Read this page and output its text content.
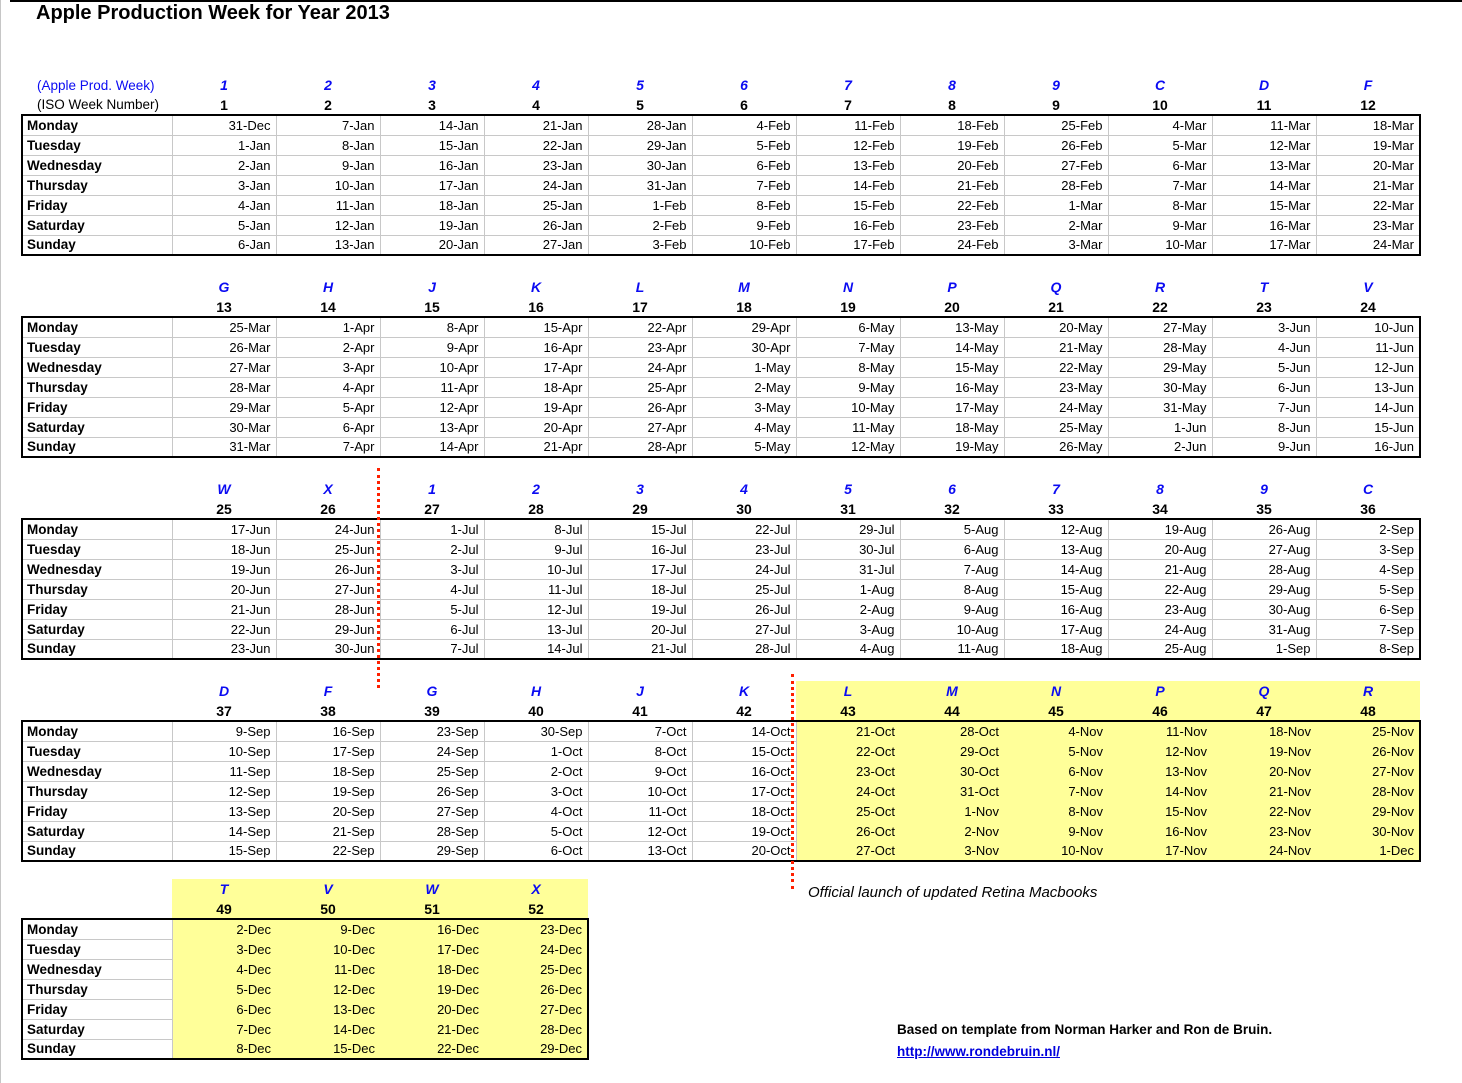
Apple Production Week for Year 2013
(Apple Prod. Week)	1	2	3	4	5	6	7	8	9	C	D	F
(ISO Week Number)	1	2	3	4	5	6	7	8	9	10	11	12
Monday	31-Dec	7-Jan	14-Jan	21-Jan	28-Jan	4-Feb	11-Feb	18-Feb	25-Feb	4-Mar	11-Mar	18-Mar
Tuesday	1-Jan	8-Jan	15-Jan	22-Jan	29-Jan	5-Feb	12-Feb	19-Feb	26-Feb	5-Mar	12-Mar	19-Mar
Wednesday	2-Jan	9-Jan	16-Jan	23-Jan	30-Jan	6-Feb	13-Feb	20-Feb	27-Feb	6-Mar	13-Mar	20-Mar
Thursday	3-Jan	10-Jan	17-Jan	24-Jan	31-Jan	7-Feb	14-Feb	21-Feb	28-Feb	7-Mar	14-Mar	21-Mar
Friday	4-Jan	11-Jan	18-Jan	25-Jan	1-Feb	8-Feb	15-Feb	22-Feb	1-Mar	8-Mar	15-Mar	22-Mar
Saturday	5-Jan	12-Jan	19-Jan	26-Jan	2-Feb	9-Feb	16-Feb	23-Feb	2-Mar	9-Mar	16-Mar	23-Mar
Sunday	6-Jan	13-Jan	20-Jan	27-Jan	3-Feb	10-Feb	17-Feb	24-Feb	3-Mar	10-Mar	17-Mar	24-Mar
	G	H	J	K	L	M	N	P	Q	R	T	V
	13	14	15	16	17	18	19	20	21	22	23	24
Monday	25-Mar	1-Apr	8-Apr	15-Apr	22-Apr	29-Apr	6-May	13-May	20-May	27-May	3-Jun	10-Jun
Tuesday	26-Mar	2-Apr	9-Apr	16-Apr	23-Apr	30-Apr	7-May	14-May	21-May	28-May	4-Jun	11-Jun
Wednesday	27-Mar	3-Apr	10-Apr	17-Apr	24-Apr	1-May	8-May	15-May	22-May	29-May	5-Jun	12-Jun
Thursday	28-Mar	4-Apr	11-Apr	18-Apr	25-Apr	2-May	9-May	16-May	23-May	30-May	6-Jun	13-Jun
Friday	29-Mar	5-Apr	12-Apr	19-Apr	26-Apr	3-May	10-May	17-May	24-May	31-May	7-Jun	14-Jun
Saturday	30-Mar	6-Apr	13-Apr	20-Apr	27-Apr	4-May	11-May	18-May	25-May	1-Jun	8-Jun	15-Jun
Sunday	31-Mar	7-Apr	14-Apr	21-Apr	28-Apr	5-May	12-May	19-May	26-May	2-Jun	9-Jun	16-Jun
	W	X	1	2	3	4	5	6	7	8	9	C
	25	26	27	28	29	30	31	32	33	34	35	36
Monday	17-Jun	24-Jun	1-Jul	8-Jul	15-Jul	22-Jul	29-Jul	5-Aug	12-Aug	19-Aug	26-Aug	2-Sep
Tuesday	18-Jun	25-Jun	2-Jul	9-Jul	16-Jul	23-Jul	30-Jul	6-Aug	13-Aug	20-Aug	27-Aug	3-Sep
Wednesday	19-Jun	26-Jun	3-Jul	10-Jul	17-Jul	24-Jul	31-Jul	7-Aug	14-Aug	21-Aug	28-Aug	4-Sep
Thursday	20-Jun	27-Jun	4-Jul	11-Jul	18-Jul	25-Jul	1-Aug	8-Aug	15-Aug	22-Aug	29-Aug	5-Sep
Friday	21-Jun	28-Jun	5-Jul	12-Jul	19-Jul	26-Jul	2-Aug	9-Aug	16-Aug	23-Aug	30-Aug	6-Sep
Saturday	22-Jun	29-Jun	6-Jul	13-Jul	20-Jul	27-Jul	3-Aug	10-Aug	17-Aug	24-Aug	31-Aug	7-Sep
Sunday	23-Jun	30-Jun	7-Jul	14-Jul	21-Jul	28-Jul	4-Aug	11-Aug	18-Aug	25-Aug	1-Sep	8-Sep
	D	F	G	H	J	K	L	M	N	P	Q	R
	37	38	39	40	41	42	43	44	45	46	47	48
Monday	9-Sep	16-Sep	23-Sep	30-Sep	7-Oct	14-Oct	21-Oct	28-Oct	4-Nov	11-Nov	18-Nov	25-Nov
Tuesday	10-Sep	17-Sep	24-Sep	1-Oct	8-Oct	15-Oct	22-Oct	29-Oct	5-Nov	12-Nov	19-Nov	26-Nov
Wednesday	11-Sep	18-Sep	25-Sep	2-Oct	9-Oct	16-Oct	23-Oct	30-Oct	6-Nov	13-Nov	20-Nov	27-Nov
Thursday	12-Sep	19-Sep	26-Sep	3-Oct	10-Oct	17-Oct	24-Oct	31-Oct	7-Nov	14-Nov	21-Nov	28-Nov
Friday	13-Sep	20-Sep	27-Sep	4-Oct	11-Oct	18-Oct	25-Oct	1-Nov	8-Nov	15-Nov	22-Nov	29-Nov
Saturday	14-Sep	21-Sep	28-Sep	5-Oct	12-Oct	19-Oct	26-Oct	2-Nov	9-Nov	16-Nov	23-Nov	30-Nov
Sunday	15-Sep	22-Sep	29-Sep	6-Oct	13-Oct	20-Oct	27-Oct	3-Nov	10-Nov	17-Nov	24-Nov	1-Dec
	T	V	W	X
	49	50	51	52
Monday	2-Dec	9-Dec	16-Dec	23-Dec
Tuesday	3-Dec	10-Dec	17-Dec	24-Dec
Wednesday	4-Dec	11-Dec	18-Dec	25-Dec
Thursday	5-Dec	12-Dec	19-Dec	26-Dec
Friday	6-Dec	13-Dec	20-Dec	27-Dec
Saturday	7-Dec	14-Dec	21-Dec	28-Dec
Sunday	8-Dec	15-Dec	22-Dec	29-Dec
Official launch of updated Retina Macbooks
Based on template from Norman Harker and Ron de Bruin.
http://www.rondebruin.nl/
